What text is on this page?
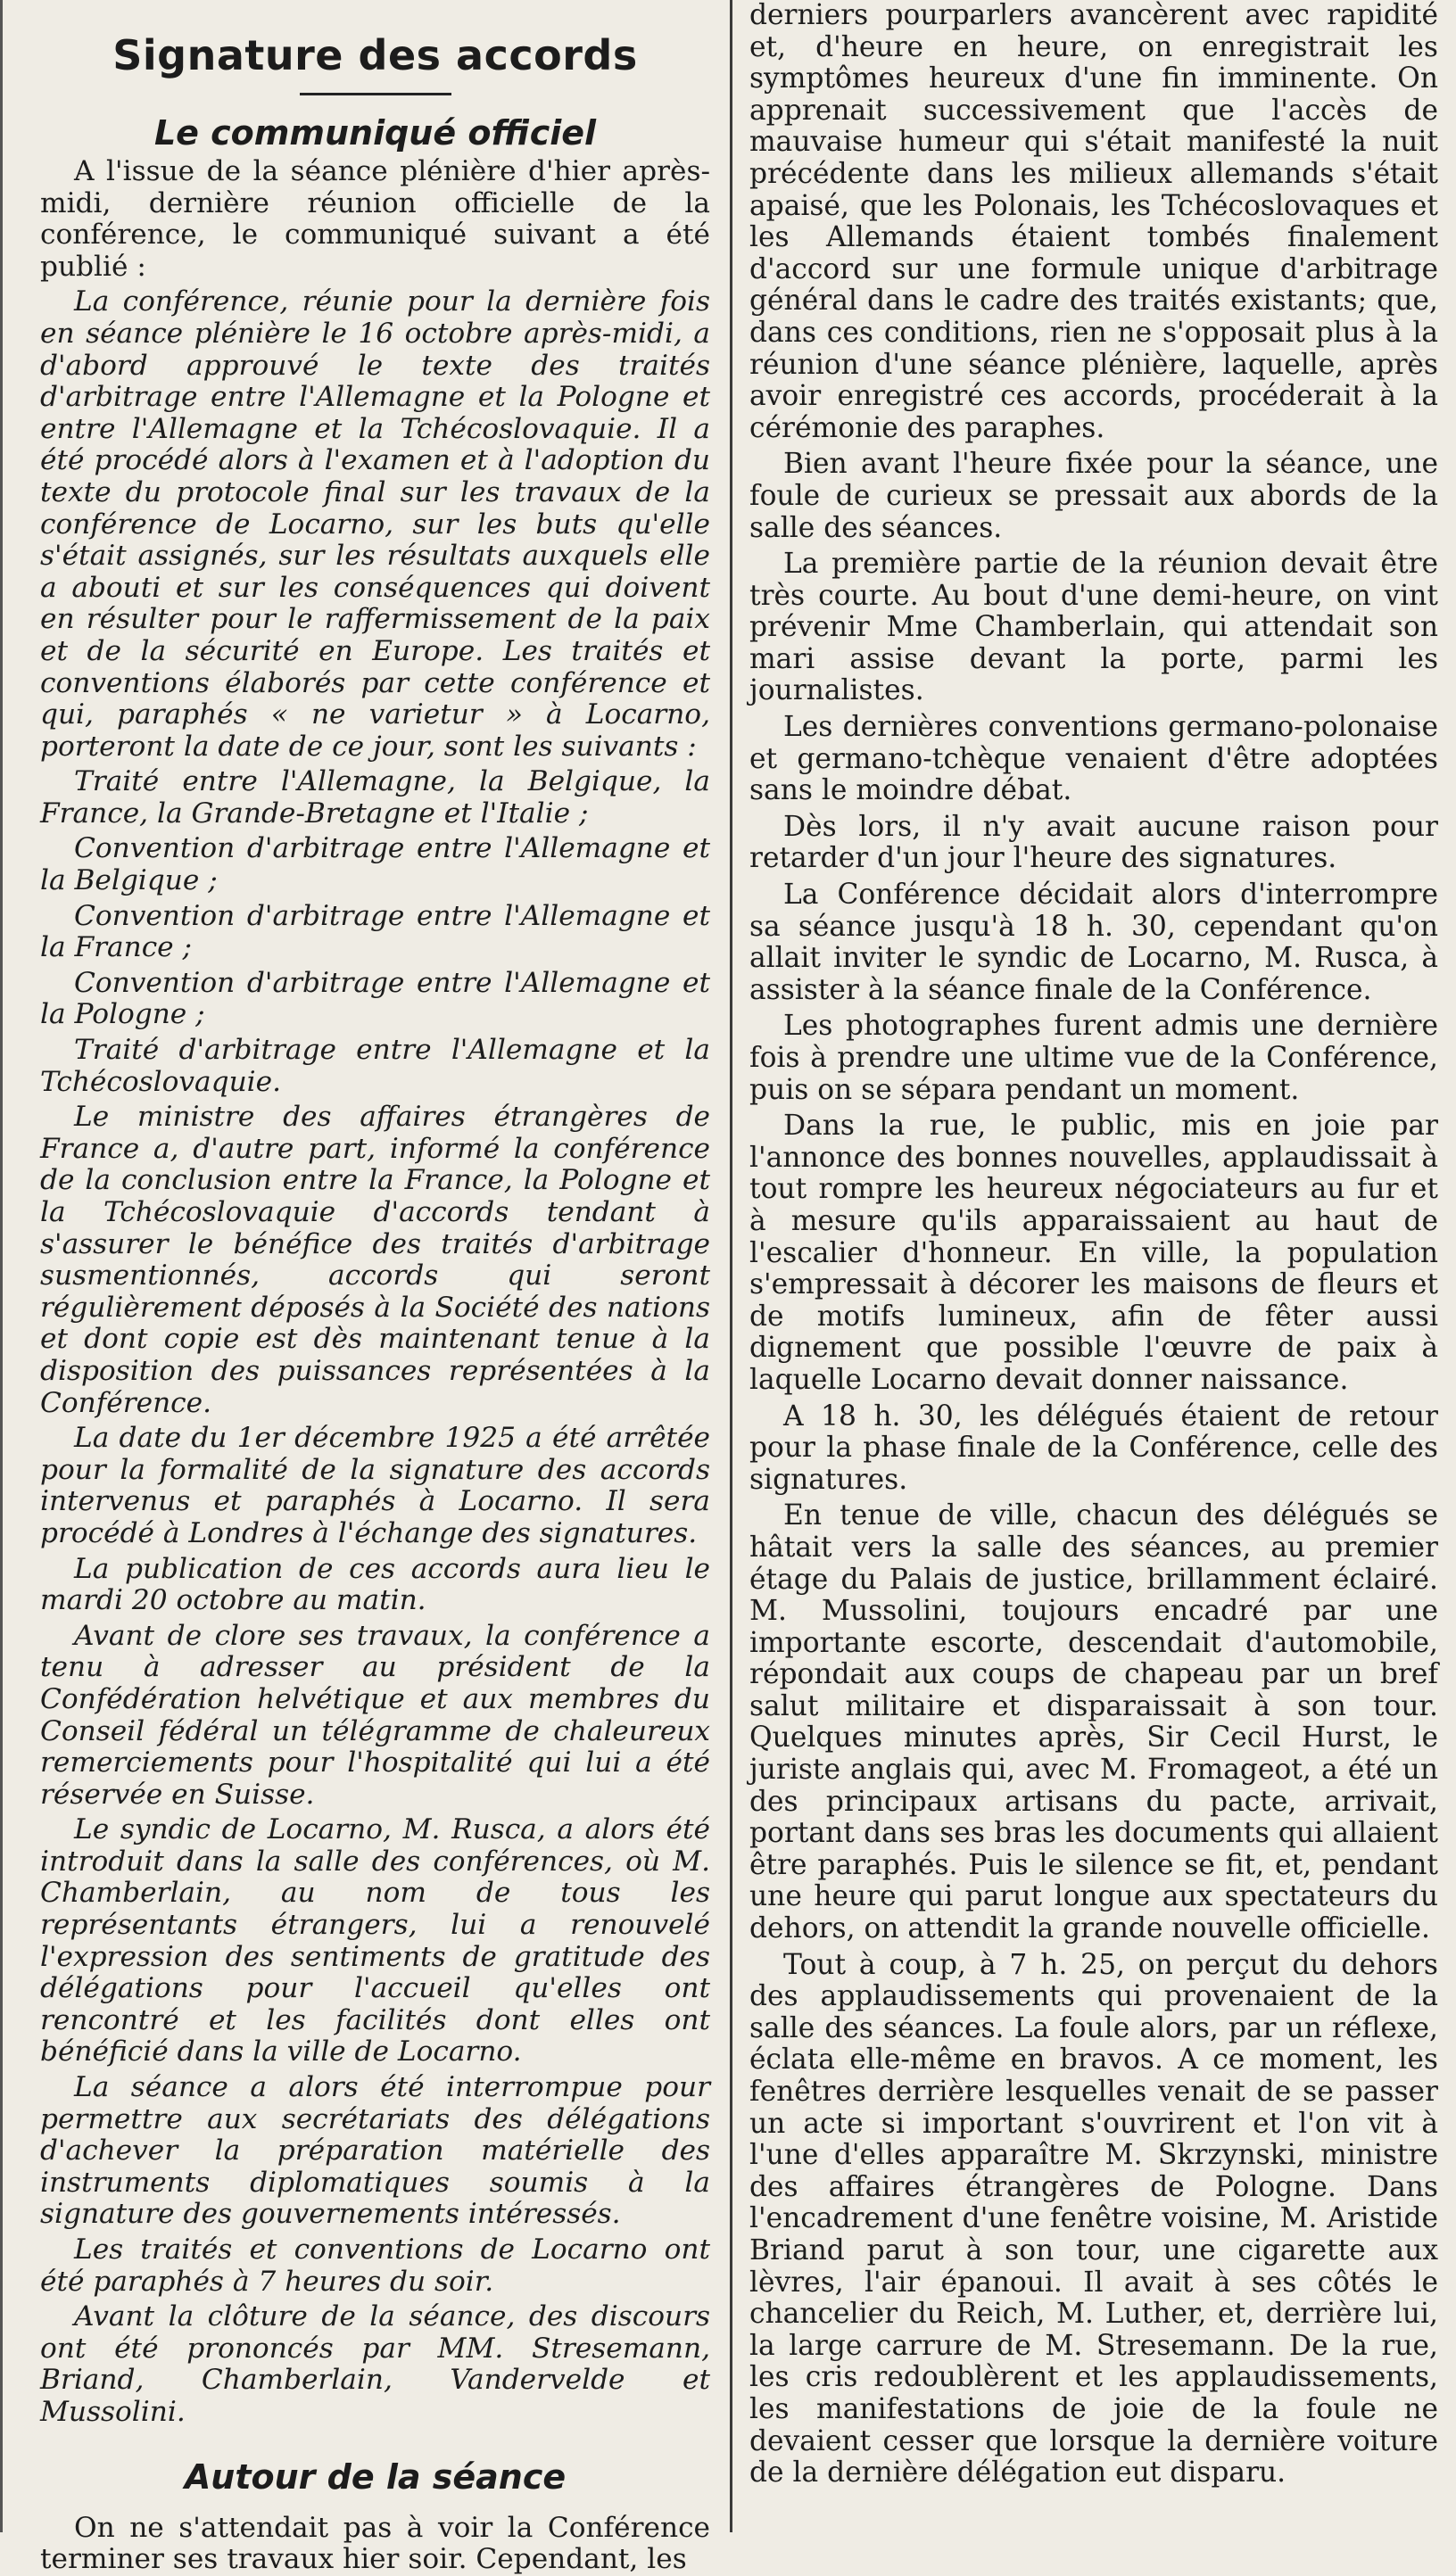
Signature des accords
Le communiqué officiel

A l'issue de la séance plénière d'hier après-midi, dernière réunion officielle de la conférence, le communiqué suivant a été publié :

La conférence, réunie pour la dernière fois en séance plénière le 16 octobre après-midi, a d'abord approuvé le texte des traités d'arbitrage entre l'Allemagne et la Pologne et entre l'Allemagne et la Tchécoslovaquie. Il a été procédé alors à l'examen et à l'adoption du texte du protocole final sur les travaux de la conférence de Locarno, sur les buts qu'elle s'était assignés, sur les résultats auxquels elle a abouti et sur les conséquences qui doivent en résulter pour le raffermissement de la paix et de la sécurité en Europe. Les traités et conventions élaborés par cette conférence et qui, paraphés « ne varietur » à Locarno, porteront la date de ce jour, sont les suivants :

Traité entre l'Allemagne, la Belgique, la France, la Grande-Bretagne et l'Italie ;

Convention d'arbitrage entre l'Allemagne et la Belgique ;

Convention d'arbitrage entre l'Allemagne et la France ;

Convention d'arbitrage entre l'Allemagne et la Pologne ;

Traité d'arbitrage entre l'Allemagne et la Tchécoslovaquie.

Le ministre des affaires étrangères de France a, d'autre part, informé la conférence de la conclusion entre la France, la Pologne et la Tchécoslovaquie d'accords tendant à s'assurer le bénéfice des traités d'arbitrage susmentionnés, accords qui seront régulièrement déposés à la Société des nations et dont copie est dès maintenant tenue à la disposition des puissances représentées à la Conférence.

La date du 1er décembre 1925 a été arrêtée pour la formalité de la signature des accords intervenus et paraphés à Locarno. Il sera procédé à Londres à l'échange des signatures.

La publication de ces accords aura lieu le mardi 20 octobre au matin.

Avant de clore ses travaux, la conférence a tenu à adresser au président de la Confédération helvétique et aux membres du Conseil fédéral un télégramme de chaleureux remerciements pour l'hospitalité qui lui a été réservée en Suisse.

Le syndic de Locarno, M. Rusca, a alors été introduit dans la salle des conférences, où M. Chamberlain, au nom de tous les représentants étrangers, lui a renouvelé l'expression des sentiments de gratitude des délégations pour l'accueil qu'elles ont rencontré et les facilités dont elles ont bénéficié dans la ville de Locarno.

La séance a alors été interrompue pour permettre aux secrétariats des délégations d'achever la préparation matérielle des instruments diplomatiques soumis à la signature des gouvernements intéressés.

Les traités et conventions de Locarno ont été paraphés à 7 heures du soir.

Avant la clôture de la séance, des discours ont été prononcés par MM. Stresemann, Briand, Chamberlain, Vandervelde et Mussolini.

Autour de la séance

On ne s'attendait pas à voir la Conférence terminer ses travaux hier soir. Cependant, les

derniers pourparlers avancèrent avec rapidité et, d'heure en heure, on enregistrait les symptômes heureux d'une fin imminente. On apprenait successivement que l'accès de mauvaise humeur qui s'était manifesté la nuit précédente dans les milieux allemands s'était apaisé, que les Polonais, les Tchécoslovaques et les Allemands étaient tombés finalement d'accord sur une formule unique d'arbitrage général dans le cadre des traités existants; que, dans ces conditions, rien ne s'opposait plus à la réunion d'une séance plénière, laquelle, après avoir enregistré ces accords, procéderait à la cérémonie des paraphes.

Bien avant l'heure fixée pour la séance, une foule de curieux se pressait aux abords de la salle des séances.

La première partie de la réunion devait être très courte. Au bout d'une demi-heure, on vint prévenir Mme Chamberlain, qui attendait son mari assise devant la porte, parmi les journalistes.

Les dernières conventions germano-polonaise et germano-tchèque venaient d'être adoptées sans le moindre débat.

Dès lors, il n'y avait aucune raison pour retarder d'un jour l'heure des signatures.

La Conférence décidait alors d'interrompre sa séance jusqu'à 18 h. 30, cependant qu'on allait inviter le syndic de Locarno, M. Rusca, à assister à la séance finale de la Conférence.

Les photographes furent admis une dernière fois à prendre une ultime vue de la Conférence, puis on se sépara pendant un moment.

Dans la rue, le public, mis en joie par l'annonce des bonnes nouvelles, applaudissait à tout rompre les heureux négociateurs au fur et à mesure qu'ils apparaissaient au haut de l'escalier d'honneur. En ville, la population s'empressait à décorer les maisons de fleurs et de motifs lumineux, afin de fêter aussi dignement que possible l'œuvre de paix à laquelle Locarno devait donner naissance.

A 18 h. 30, les délégués étaient de retour pour la phase finale de la Conférence, celle des signatures.

En tenue de ville, chacun des délégués se hâtait vers la salle des séances, au premier étage du Palais de justice, brillamment éclairé. M. Mussolini, toujours encadré par une importante escorte, descendait d'automobile, répondait aux coups de chapeau par un bref salut militaire et disparaissait à son tour. Quelques minutes après, Sir Cecil Hurst, le juriste anglais qui, avec M. Fromageot, a été un des principaux artisans du pacte, arrivait, portant dans ses bras les documents qui allaient être paraphés. Puis le silence se fit, et, pendant une heure qui parut longue aux spectateurs du dehors, on attendit la grande nouvelle officielle.

Tout à coup, à 7 h. 25, on perçut du dehors des applaudissements qui provenaient de la salle des séances. La foule alors, par un réflexe, éclata elle-même en bravos. A ce moment, les fenêtres derrière lesquelles venait de se passer un acte si important s'ouvrirent et l'on vit à l'une d'elles apparaître M. Skrzynski, ministre des affaires étrangères de Pologne. Dans l'encadrement d'une fenêtre voisine, M. Aristide Briand parut à son tour, une cigarette aux lèvres, l'air épanoui. Il avait à ses côtés le chancelier du Reich, M. Luther, et, derrière lui, la large carrure de M. Stresemann. De la rue, les cris redoublèrent et les applaudissements, les manifestations de joie de la foule ne devaient cesser que lorsque la dernière voiture de la dernière délégation eut disparu.
